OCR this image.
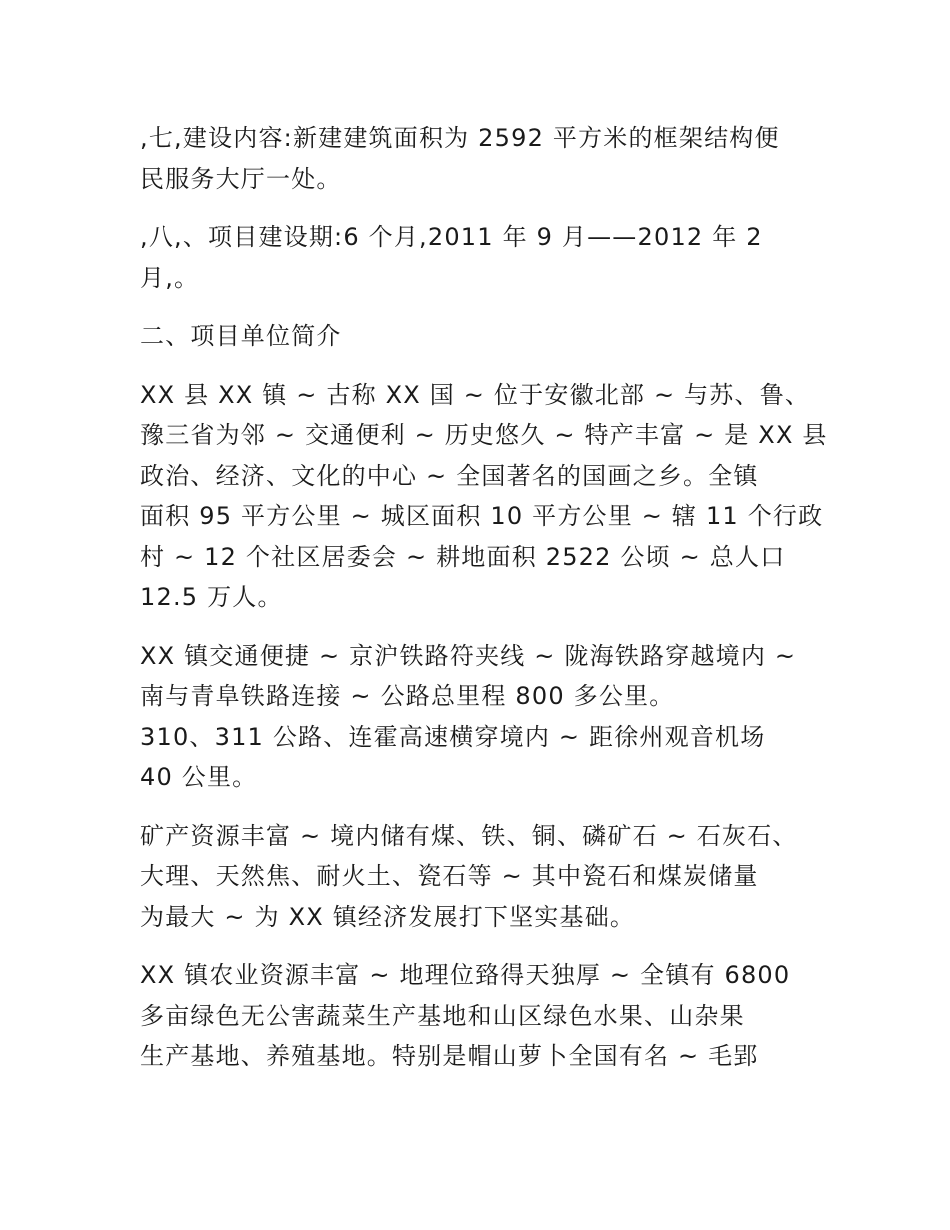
,七,建设内容:新建建筑面积为 2592 平方米的框架结构便
民服务大厅一处。

,八,、项目建设期:6 个月,2011 年 9 月——2012 年 2
月,。

二、项目单位简介

XX 县 XX 镇 ~ 古称 XX 国 ~ 位于安徽北部 ~ 与苏、鲁、
豫三省为邻 ~ 交通便利 ~ 历史悠久 ~ 特产丰富 ~ 是 XX 县
政治、经济、文化的中心 ~ 全国著名的国画之乡。全镇
面积 95 平方公里 ~ 城区面积 10 平方公里 ~ 辖 11 个行政
村 ~ 12 个社区居委会 ~ 耕地面积 2522 公顷 ~ 总人口
12.5 万人。

XX 镇交通便捷 ~ 京沪铁路符夹线 ~ 陇海铁路穿越境内 ~
南与青阜铁路连接 ~ 公路总里程 800 多公里。
310、311 公路、连霍高速横穿境内 ~ 距徐州观音机场
40 公里。

矿产资源丰富 ~ 境内储有煤、铁、铜、磷矿石 ~ 石灰石、
大理、天然焦、耐火土、瓷石等 ~ 其中瓷石和煤炭储量
为最大 ~ 为 XX 镇经济发展打下坚实基础。

XX 镇农业资源丰富 ~ 地理位臵得天独厚 ~ 全镇有 6800
多亩绿色无公害蔬菜生产基地和山区绿色水果、山杂果
生产基地、养殖基地。特别是帽山萝卜全国有名 ~ 毛郢
